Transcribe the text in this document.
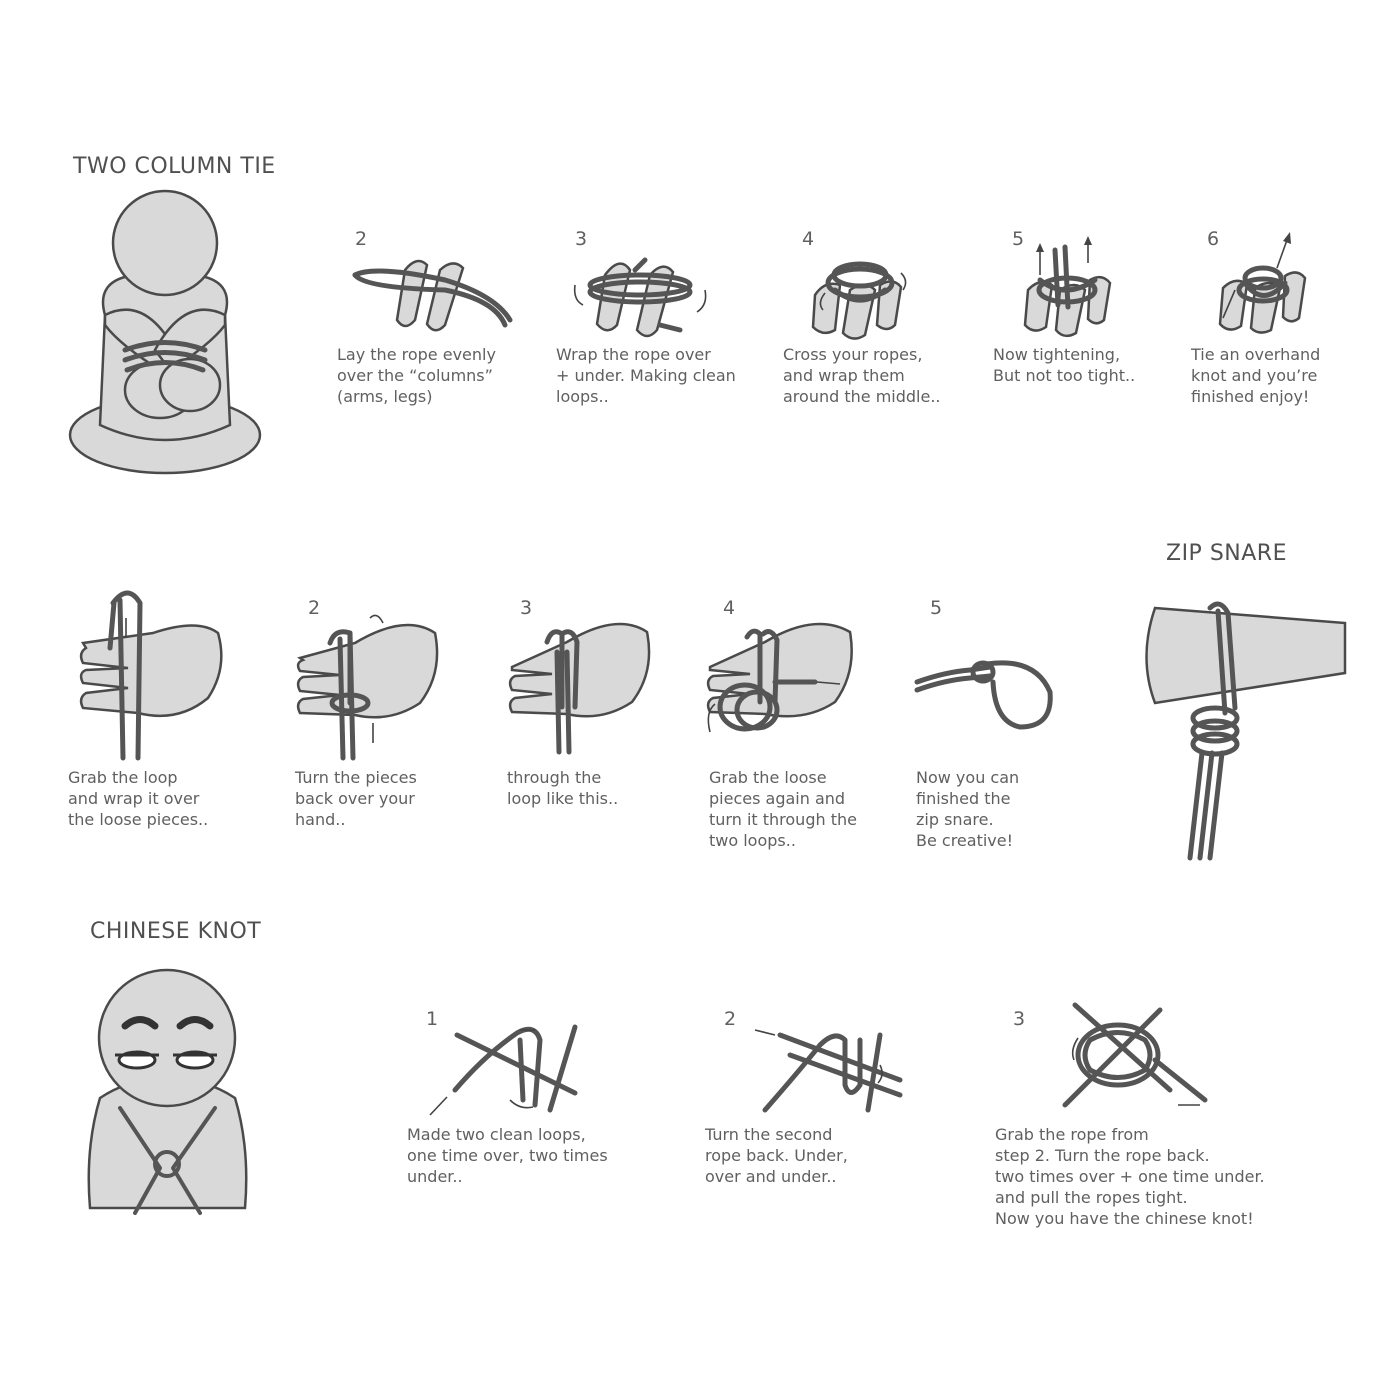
TWO COLUMN TIE
2
Lay the rope evenly
over the “columns”
(arms, legs)
3
Wrap the rope over
+ under. Making clean
loops..
4
Cross your ropes,
and wrap them
around the middle..
5
Now tightening,
But not too tight..
6
Tie an overhand
knot and you’re
finished enjoy!
ZIP SNARE
Grab the loop
and wrap it over
the loose pieces..
2
Turn the pieces
back over your
hand..
3
through the
loop like this..
4
Grab the loose
pieces again and
turn it through the
two loops..
5
Now you can
finished the
zip snare.
Be creative!
CHINESE KNOT
1
Made two clean loops,
one time over, two times
under..
2
Turn the second
rope back. Under,
over and under..
3
Grab the rope from
step 2. Turn the rope back.
two times over + one time under.
and pull the ropes tight.
Now you have the chinese knot!
